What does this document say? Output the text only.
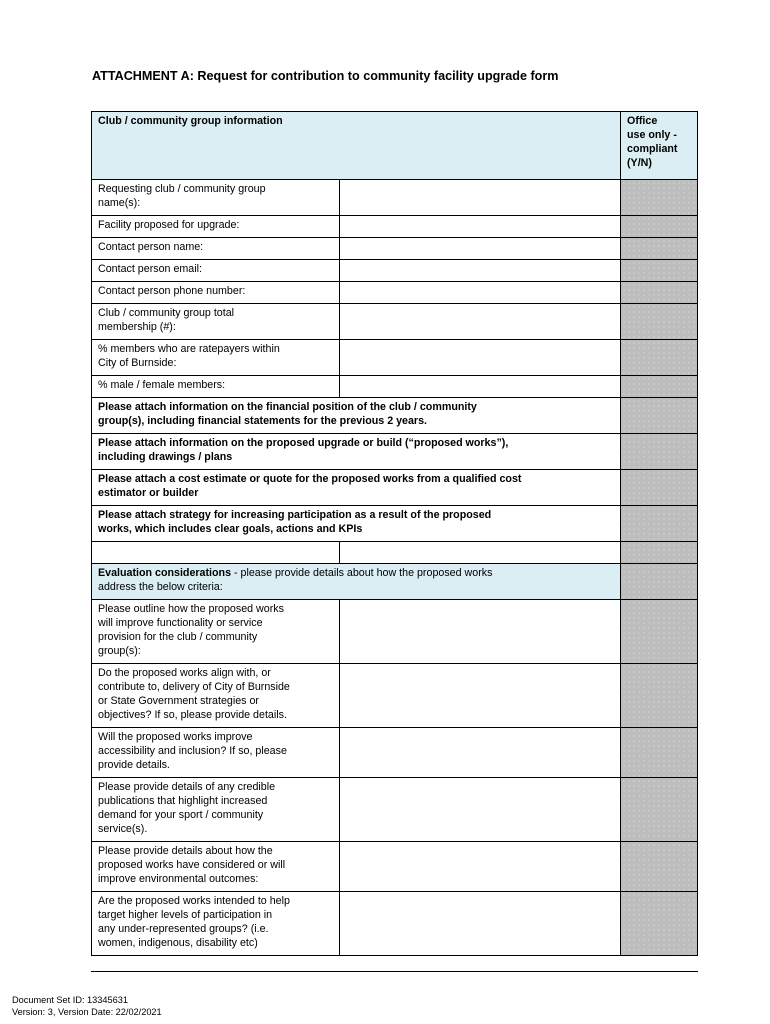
ATTACHMENT A: Request for contribution to community facility upgrade form
Club / community group information		Office
use only -
compliant
(Y/N)
Requesting club / community group
name(s):		
Facility proposed for upgrade:		
Contact person name:		
Contact person email:		
Contact person phone number:		
Club / community group total
membership (#):		
% members who are ratepayers within
City of Burnside:		
% male / female members:		
Please attach information on the financial position of the club / community
group(s), including financial statements for the previous 2 years.		
Please attach information on the proposed upgrade or build (“proposed works”),
including drawings / plans		
Please attach a cost estimate or quote for the proposed works from a qualified cost
estimator or builder		
Please attach strategy for increasing participation as a result of the proposed
works, which includes clear goals, actions and KPIs		

Evaluation considerations - please provide details about how the proposed works
address the below criteria:		
Please outline how the proposed works
will improve functionality or service
provision for the club / community
group(s):		
Do the proposed works align with, or
contribute to, delivery of City of Burnside
or State Government strategies or
objectives? If so, please provide details.		
Will the proposed works improve
accessibility and inclusion? If so, please
provide details.		
Please provide details of any credible
publications that highlight increased
demand for your sport / community
service(s).		
Please provide details about how the
proposed works have considered or will
improve environmental outcomes:		
Are the proposed works intended to help
target higher levels of participation in
any under-represented groups? (i.e.
women, indigenous, disability etc)		
Document Set ID: 13345631
Version: 3, Version Date: 22/02/2021
